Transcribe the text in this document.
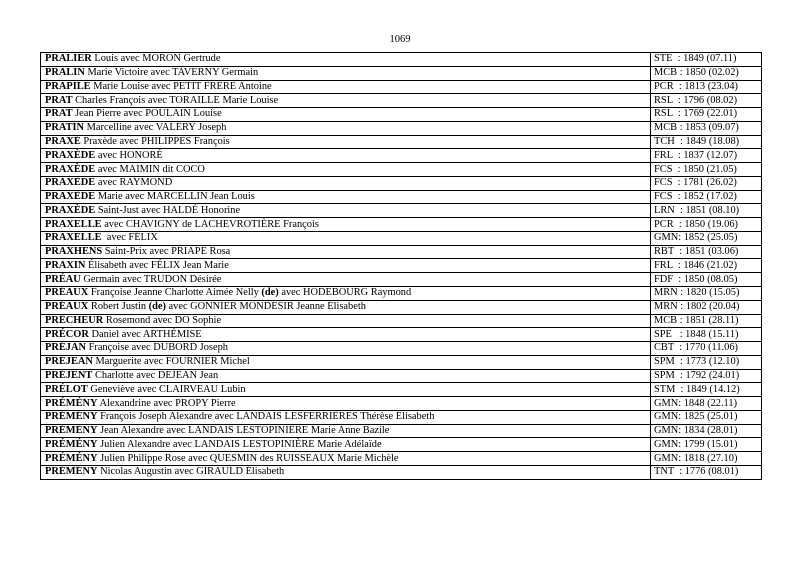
1069
PRALIER Louis avec MORON Gertrude	STE  : 1849 (07.11)
PRALIN Marie Victoire avec TAVERNY Germain	MCB : 1850 (02.02)
PRAPILE Marie Louise avec PETIT FRÈRE Antoine	PCR  : 1813 (23.04)
PRAT Charles François avec TORAILLE Marie Louise	RSL  : 1796 (08.02)
PRAT Jean Pierre avec POULAIN Louise	RSL  : 1769 (22.01)
PRATIN Marcelline avec VALÉRY Joseph	MCB : 1853 (09.07)
PRAXÉ Praxède avec PHILIPPÈS François	TCH  : 1849 (18.08)
PRAXÈDE avec HONORÉ	FRL  : 1837 (12.07)
PRAXÈDE avec MAIMIN dit COCO	FCS  : 1850 (21.05)
PRAXÈDE avec RAYMOND	FCS  : 1781 (26.02)
PRAXÈDE Marie avec MARCELLIN Jean Louis	FCS  : 1852 (17.02)
PRAXÈDE Saint-Just avec HALDÉ Honorine	LRN  : 1851 (08.10)
PRAXELLE avec CHAVIGNY de LACHEVROTIÈRE François	PCR  : 1850 (19.06)
PRAXELLE  avec FÉLIX	GMN: 1852 (25.05)
PRAXHENS Saint-Prix avec PRIAPE Rosa	RBT  : 1851 (03.06)
PRAXIN Élisabeth avec FÉLIX Jean Marie	FRL  : 1846 (21.02)
PRÉAU Germain avec TRUDON Désirée	FDF  : 1850 (08.05)
PRÉAUX Françoise Jeanne Charlotte Aimée Nelly (de) avec HODEBOURG Raymond	MRN : 1820 (15.05)
PRÉAUX Robert Justin (de) avec GONNIER MONDÉSIR Jeanne Élisabeth	MRN : 1802 (20.04)
PRÊCHEUR Rosemond avec DÔ Sophie	MCB : 1851 (28.11)
PRÉCOR Daniel avec ARTHÉMISE	SPE   : 1848 (15.11)
PRÉJAN Françoise avec DUBORD Joseph	CBT  : 1770 (11.06)
PRÉJEAN Marguerite avec FOURNIER Michel	SPM  : 1773 (12.10)
PRÉJENT Charlotte avec DEJEAN Jean	SPM  : 1792 (24.01)
PRÉLOT Geneviève avec CLAIRVEAU Lubin	STM  : 1849 (14.12)
PRÉMÉNY Alexandrine avec PROPY Pierre	GMN: 1848 (22.11)
PRÉMÉNY François Joseph Alexandre avec LANDAIS LESFERRIÈRES Thérèse Élisabeth	GMN: 1825 (25.01)
PRÉMÉNY Jean Alexandre avec LANDAIS LESTOPINIÈRE Marie Anne Bazile	GMN: 1834 (28.01)
PRÉMÉNY Julien Alexandre avec LANDAIS LESTOPINIÈRE Marie Adélaïde	GMN: 1799 (15.01)
PRÉMÉNY Julien Philippe Rose avec QUESMIN des RUISSEAUX Marie Michèle	GMN: 1818 (27.10)
PRÉMÉNY Nicolas Augustin avec GIRAULD Élisabeth	TNT  : 1776 (08.01)
